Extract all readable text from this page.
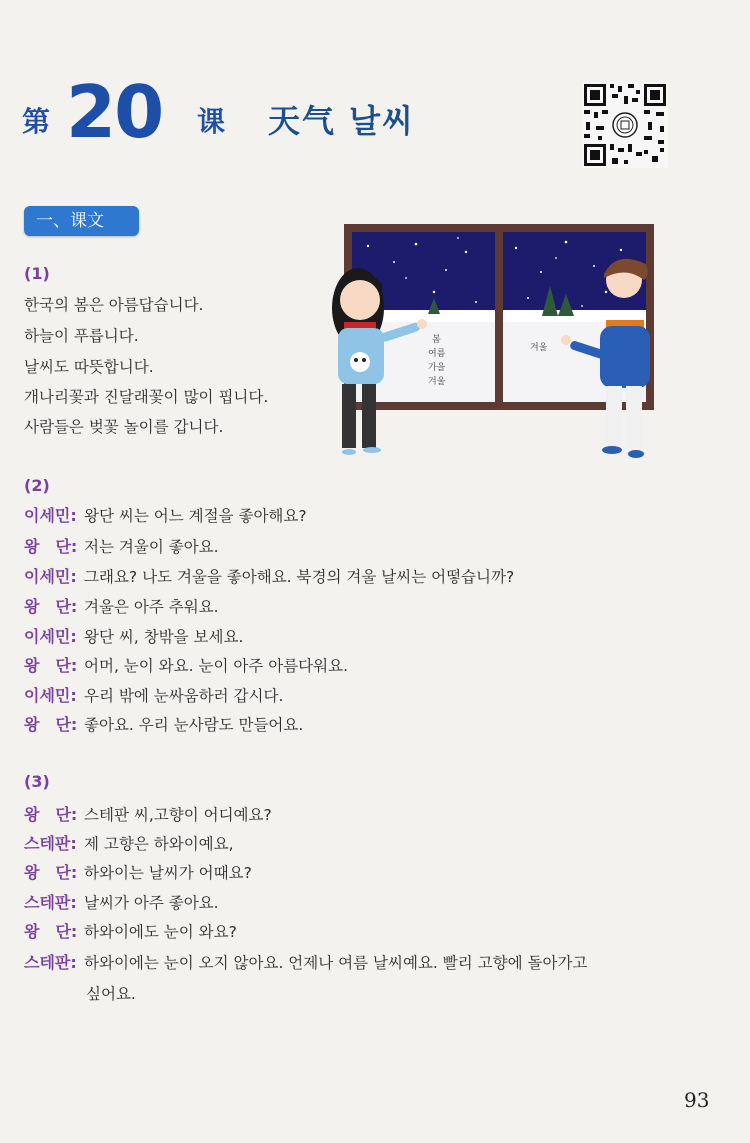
第 20 课 天气 날씨
一、课文
봄
여름
가을
겨울
겨울
(1)
한국의 봄은 아름답습니다.
하늘이 푸릅니다.
날씨도 따뜻합니다.
개나리꽃과 진달래꽃이 많이 핍니다.
사람들은 벚꽃 놀이를 갑니다.
(2)
이세민: 왕단 씨는 어느 계절을 좋아해요?
왕　단: 저는 겨울이 좋아요.
이세민: 그래요? 나도 겨울을 좋아해요. 북경의 겨울 날씨는 어떻습니까?
왕　단: 겨울은 아주 추워요.
이세민: 왕단 씨, 창밖을 보세요.
왕　단: 어머, 눈이 와요. 눈이 아주 아름다워요.
이세민: 우리 밖에 눈싸움하러 갑시다.
왕　단: 좋아요. 우리 눈사람도 만들어요.
(3)
왕　단: 스테판 씨,고향이 어디예요?
스테판: 제 고향은 하와이예요,
왕　단: 하와이는 날씨가 어때요?
스테판: 날씨가 아주 좋아요.
왕　단: 하와이에도 눈이 와요?
스테판: 하와이에는 눈이 오지 않아요. 언제나 여름 날씨예요. 빨리 고향에 돌아가고
싶어요.
93
